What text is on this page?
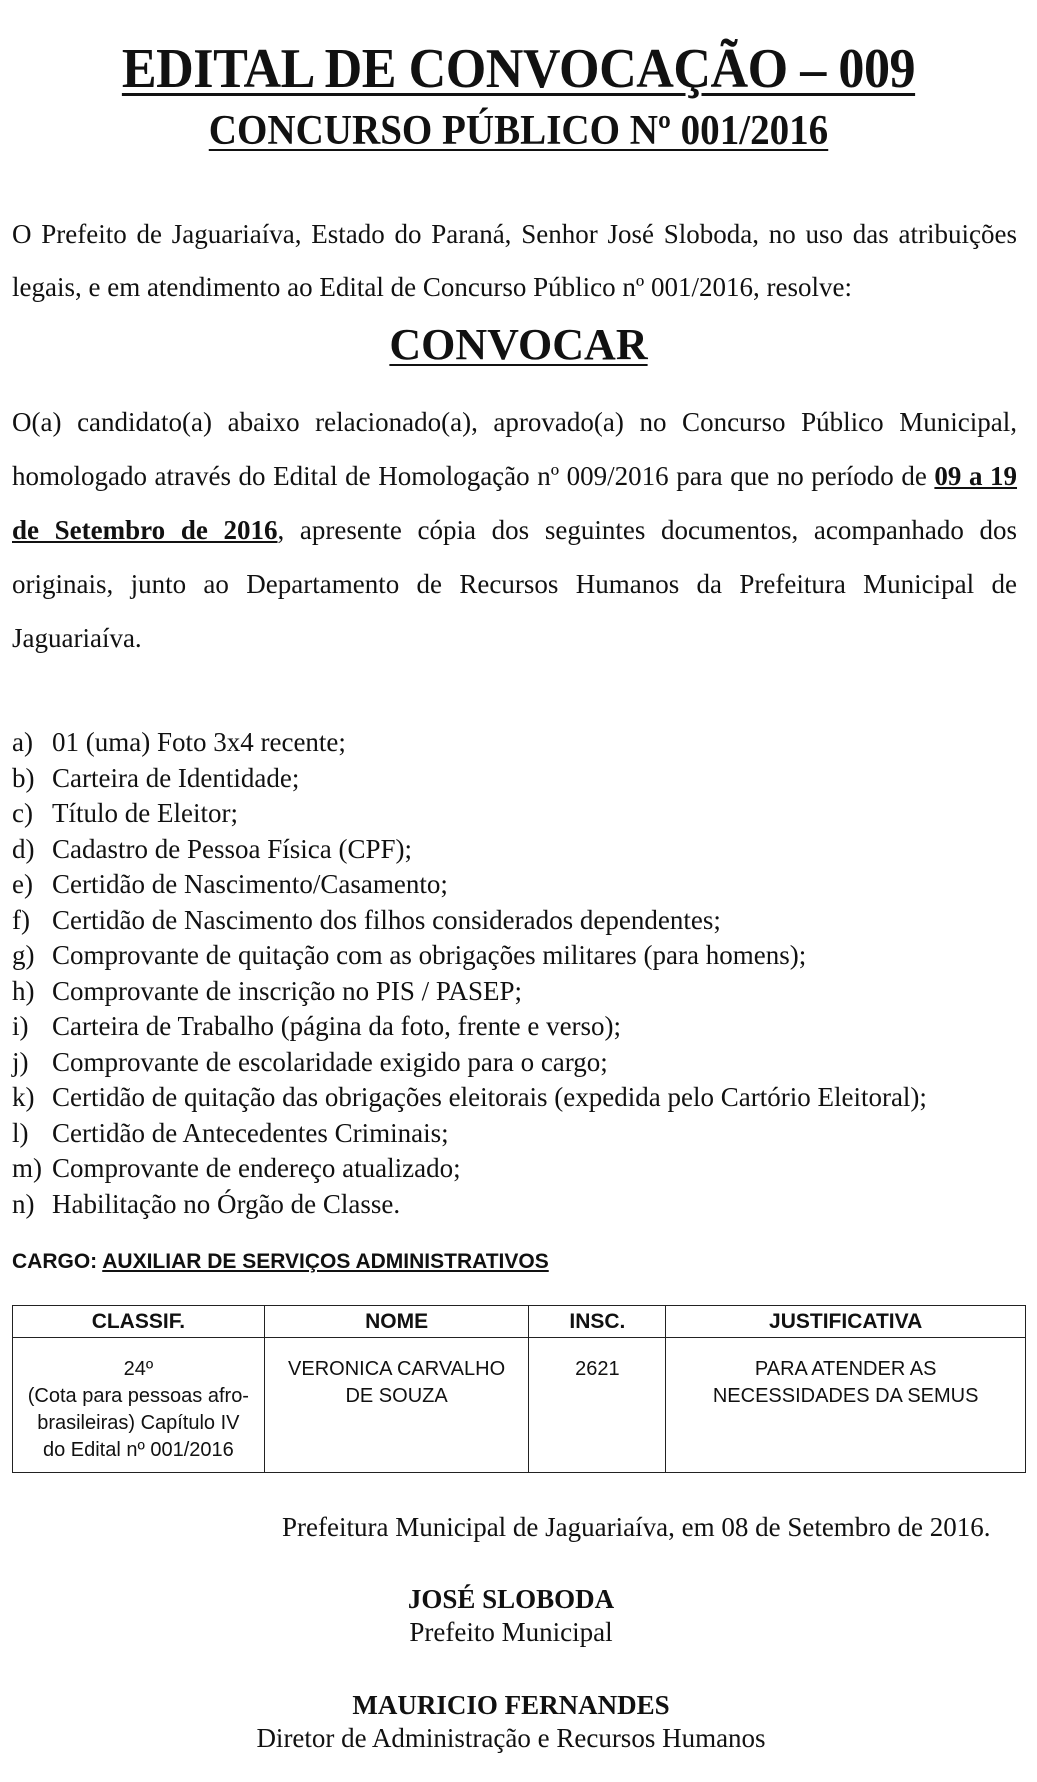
EDITAL DE CONVOCAÇÃO – 009
CONCURSO PÚBLICO Nº 001/2016
O Prefeito de Jaguariaíva, Estado do Paraná, Senhor José Sloboda, no uso das atribuições legais, e em atendimento ao Edital de Concurso Público nº 001/2016, resolve:
CONVOCAR
O(a) candidato(a) abaixo relacionado(a), aprovado(a) no Concurso Público Municipal, homologado através do Edital de Homologação nº 009/2016 para que no período de 09 a 19 de Setembro de 2016, apresente cópia dos seguintes documentos, acompanhado dos originais, junto ao Departamento de Recursos Humanos da Prefeitura Municipal de Jaguariaíva.
a) 01 (uma) Foto 3x4 recente;
b) Carteira de Identidade;
c) Título de Eleitor;
d) Cadastro de Pessoa Física (CPF);
e) Certidão de Nascimento/Casamento;
f) Certidão de Nascimento dos filhos considerados dependentes;
g) Comprovante de quitação com as obrigações militares (para homens);
h) Comprovante de inscrição no PIS / PASEP;
i) Carteira de Trabalho (página da foto, frente e verso);
j) Comprovante de escolaridade exigido para o cargo;
k) Certidão de quitação das obrigações eleitorais (expedida pelo Cartório Eleitoral);
l) Certidão de Antecedentes Criminais;
m) Comprovante de endereço atualizado;
n) Habilitação no Órgão de Classe.
CARGO: AUXILIAR DE SERVIÇOS ADMINISTRATIVOS
CLASSIF.	NOME	INSC.	JUSTIFICATIVA
24º
(Cota para pessoas afro-
brasileiras) Capítulo IV
do Edital nº 001/2016	VERONICA CARVALHO
DE SOUZA	2621	PARA ATENDER AS
NECESSIDADES DA SEMUS
Prefeitura Municipal de Jaguariaíva, em 08 de Setembro de 2016.
JOSÉ SLOBODA
Prefeito Municipal
MAURICIO FERNANDES
Diretor de Administração e Recursos Humanos
